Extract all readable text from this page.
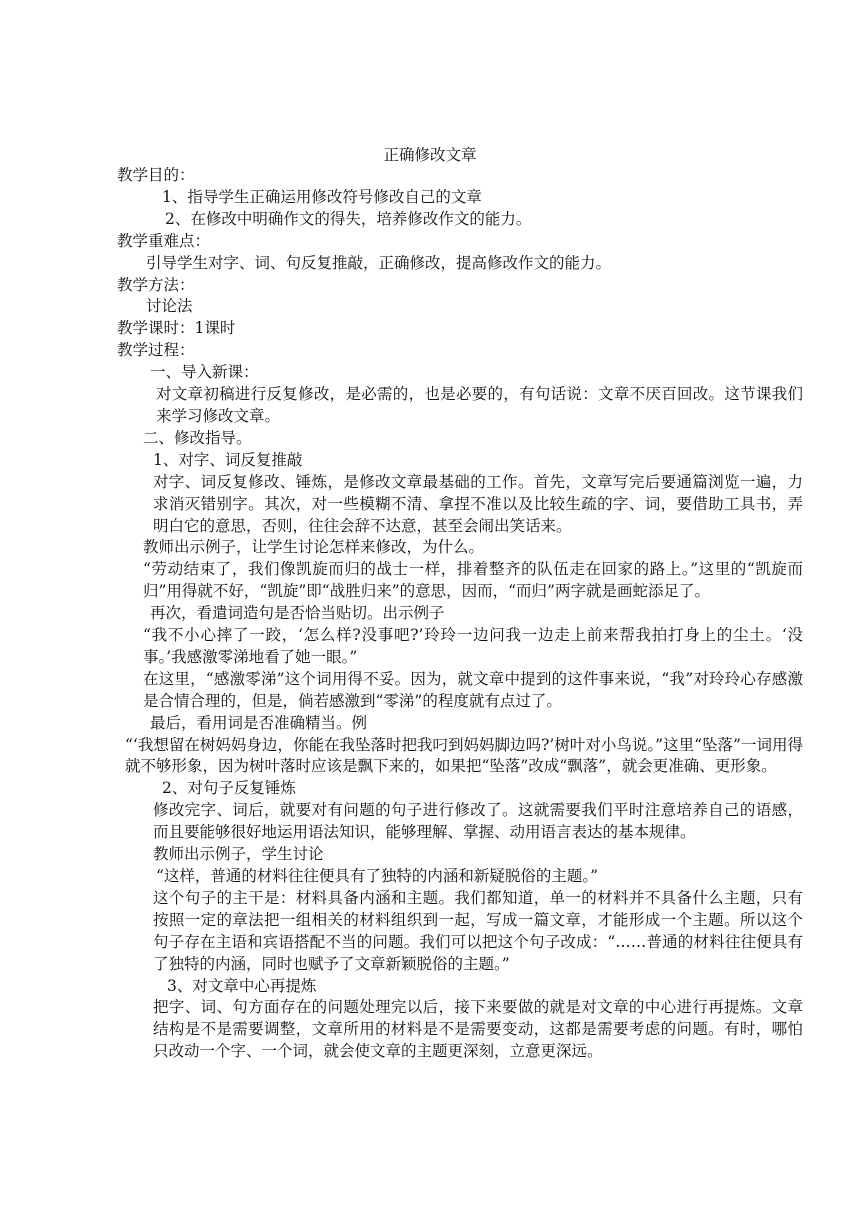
正确修改文章

教学目的：

1、指导学生正确运用修改符号修改自己的文章

2、在修改中明确作文的得失，培养修改作文的能力。

教学重难点：

引导学生对字、词、句反复推敲，正确修改，提高修改作文的能力。

教学方法：

讨论法

教学课时：1课时

教学过程：

一、导入新课：

对文章初稿进行反复修改，是必需的，也是必要的，有句话说：文章不厌百回改。这节课我们来学习修改文章。

二、修改指导。

1、对字、词反复推敲

对字、词反复修改、锤炼，是修改文章最基础的工作。首先，文章写完后要通篇浏览一遍，力求消灭错别字。其次，对一些模糊不清、拿捏不准以及比较生疏的字、词，要借助工具书，弄明白它的意思，否则，往往会辞不达意，甚至会闹出笑话来。

教师出示例子，让学生讨论怎样来修改，为什么。

“劳动结束了，我们像凯旋而归的战士一样，排着整齐的队伍走在回家的路上。”这里的“凯旋而归”用得就不好，“凯旋”即“战胜归来”的意思，因而，“而归”两字就是画蛇添足了。

再次，看遣词造句是否恰当贴切。出示例子

“我不小心摔了一跤，‘怎么样?没事吧?’玲玲一边问我一边走上前来帮我拍打身上的尘土。‘没事。’我感激零涕地看了她一眼。”

在这里，“感激零涕”这个词用得不妥。因为，就文章中提到的这件事来说，“我”对玲玲心存感激是合情合理的，但是，倘若感激到“零涕”的程度就有点过了。

最后，看用词是否准确精当。例

“‘我想留在树妈妈身边，你能在我坠落时把我叼到妈妈脚边吗?’树叶对小鸟说。”这里“坠落”一词用得就不够形象，因为树叶落时应该是飘下来的，如果把“坠落”改成“飘落”，就会更准确、更形象。

2、对句子反复锤炼

修改完字、词后，就要对有问题的句子进行修改了。这就需要我们平时注意培养自己的语感，而且要能够很好地运用语法知识，能够理解、掌握、动用语言表达的基本规律。

教师出示例子，学生讨论

“这样，普通的材料往往便具有了独特的内涵和新疑脱俗的主题。”

这个句子的主干是：材料具备内涵和主题。我们都知道，单一的材料并不具备什么主题，只有按照一定的章法把一组相关的材料组织到一起，写成一篇文章，才能形成一个主题。所以这个句子存在主语和宾语搭配不当的问题。我们可以把这个句子改成：“……普通的材料往往便具有了独特的内涵，同时也赋予了文章新颖脱俗的主题。”

3、对文章中心再提炼

把字、词、句方面存在的问题处理完以后，接下来要做的就是对文章的中心进行再提炼。文章结构是不是需要调整，文章所用的材料是不是需要变动，这都是需要考虑的问题。有时，哪怕只改动一个字、一个词，就会使文章的主题更深刻，立意更深远。
